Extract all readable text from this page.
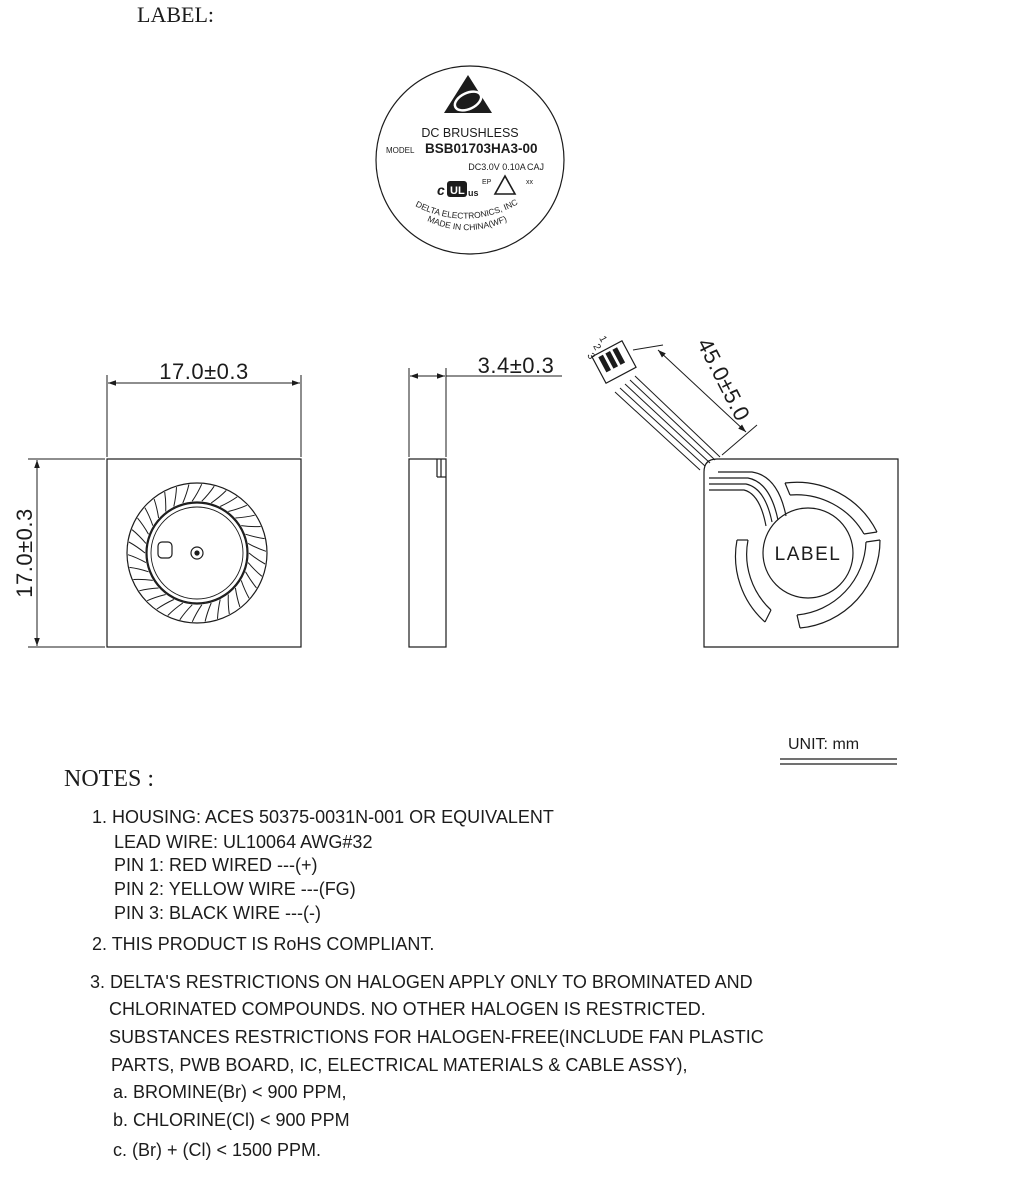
LABEL:
DC BRUSHLESS
MODEL BSB01703HA3-00
DC3.0V 0.10A CAJ
c UL us
EP	xx
DELTA ELECTRONICS, INC
MADE IN CHINA(WF)
17.0±0.3
17.0±0.3
3.4±0.3
LABEL
1
2
3	45.0±5.0
UNIT: mm
NOTES :
1. HOUSING: ACES 50375-0031N-001 OR EQUIVALENT
LEAD WIRE: UL10064 AWG#32
PIN 1: RED WIRED ---(+)
PIN 2: YELLOW WIRE ---(FG)
PIN 3: BLACK WIRE ---(-)
2. THIS PRODUCT IS RoHS COMPLIANT.
3. DELTA'S RESTRICTIONS ON HALOGEN APPLY ONLY TO BROMINATED AND
CHLORINATED COMPOUNDS. NO OTHER HALOGEN IS RESTRICTED.
SUBSTANCES RESTRICTIONS FOR HALOGEN-FREE(INCLUDE FAN PLASTIC
PARTS, PWB BOARD, IC, ELECTRICAL MATERIALS & CABLE ASSY),
a. BROMINE(Br) < 900 PPM,
b. CHLORINE(Cl) < 900 PPM
c. (Br) + (Cl) < 1500 PPM.
